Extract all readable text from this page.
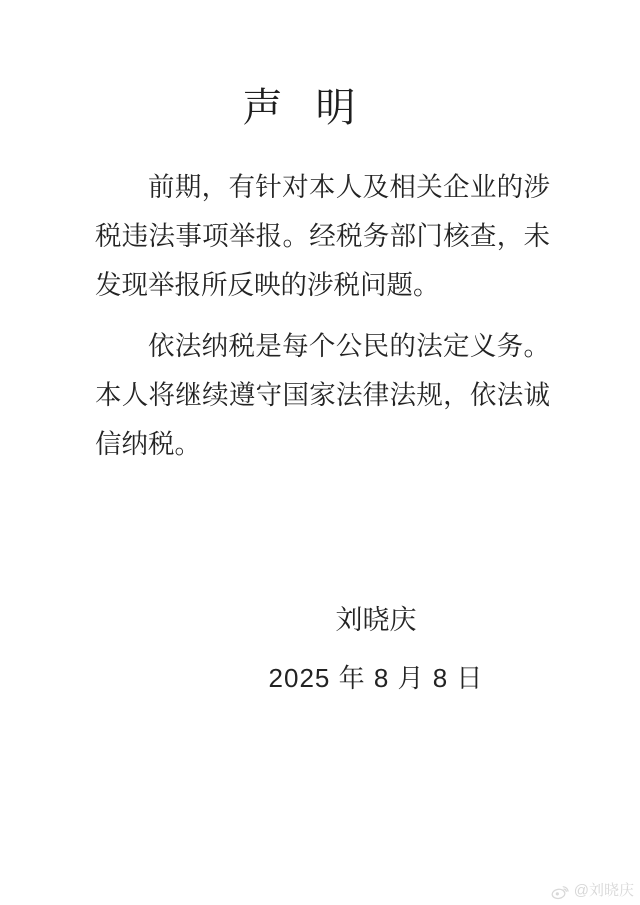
声 明

前期，有针对本人及相关企业的涉税违法事项举报。经税务部门核查，未发现举报所反映的涉税问题。

依法纳税是每个公民的法定义务。本人将继续遵守国家法律法规，依法诚信纳税。

刘晓庆
2025 年 8 月 8 日
@刘晓庆
